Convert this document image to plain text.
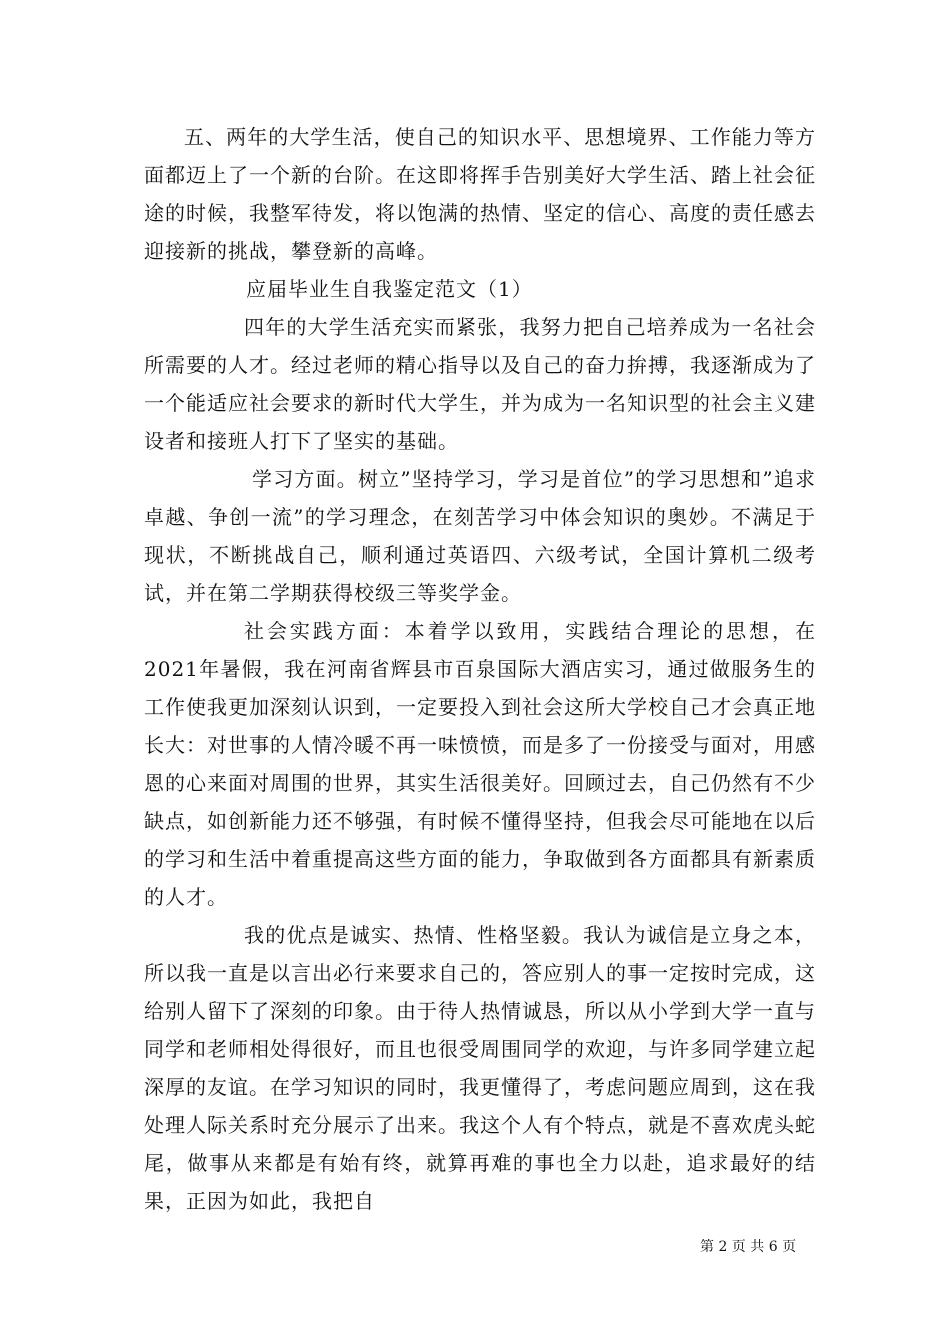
五、两年的大学生活，使自己的知识水平、思想境界、工作能力等方面都迈上了一个新的台阶。在这即将挥手告别美好大学生活、踏上社会征途的时候，我整军待发，将以饱满的热情、坚定的信心、高度的责任感去迎接新的挑战，攀登新的高峰。

应届毕业生自我鉴定范文（1）

四年的大学生活充实而紧张，我努力把自己培养成为一名社会所需要的人才。经过老师的精心指导以及自己的奋力拚搏，我逐渐成为了一个能适应社会要求的新时代大学生，并为成为一名知识型的社会主义建设者和接班人打下了坚实的基础。

学习方面。树立”坚持学习，学习是首位”的学习思想和”追求卓越、争创一流”的学习理念，在刻苦学习中体会知识的奥妙。不满足于现状，不断挑战自己，顺利通过英语四、六级考试，全国计算机二级考试，并在第二学期获得校级三等奖学金。

社会实践方面：本着学以致用，实践结合理论的思想，在2021年暑假，我在河南省辉县市百泉国际大酒店实习，通过做服务生的工作使我更加深刻认识到，一定要投入到社会这所大学校自己才会真正地长大：对世事的人情冷暖不再一味愤愤，而是多了一份接受与面对，用感恩的心来面对周围的世界，其实生活很美好。回顾过去，自己仍然有不少缺点，如创新能力还不够强，有时候不懂得坚持，但我会尽可能地在以后的学习和生活中着重提高这些方面的能力，争取做到各方面都具有新素质的人才。

我的优点是诚实、热情、性格坚毅。我认为诚信是立身之本，所以我一直是以言出必行来要求自己的，答应别人的事一定按时完成，这给别人留下了深刻的印象。由于待人热情诚恳，所以从小学到大学一直与同学和老师相处得很好，而且也很受周围同学的欢迎，与许多同学建立起深厚的友谊。在学习知识的同时，我更懂得了，考虑问题应周到，这在我处理人际关系时充分展示了出来。我这个人有个特点，就是不喜欢虎头蛇尾，做事从来都是有始有终，就算再难的事也全力以赴，追求最好的结果，正因为如此，我把自

第 2 页 共 6 页
